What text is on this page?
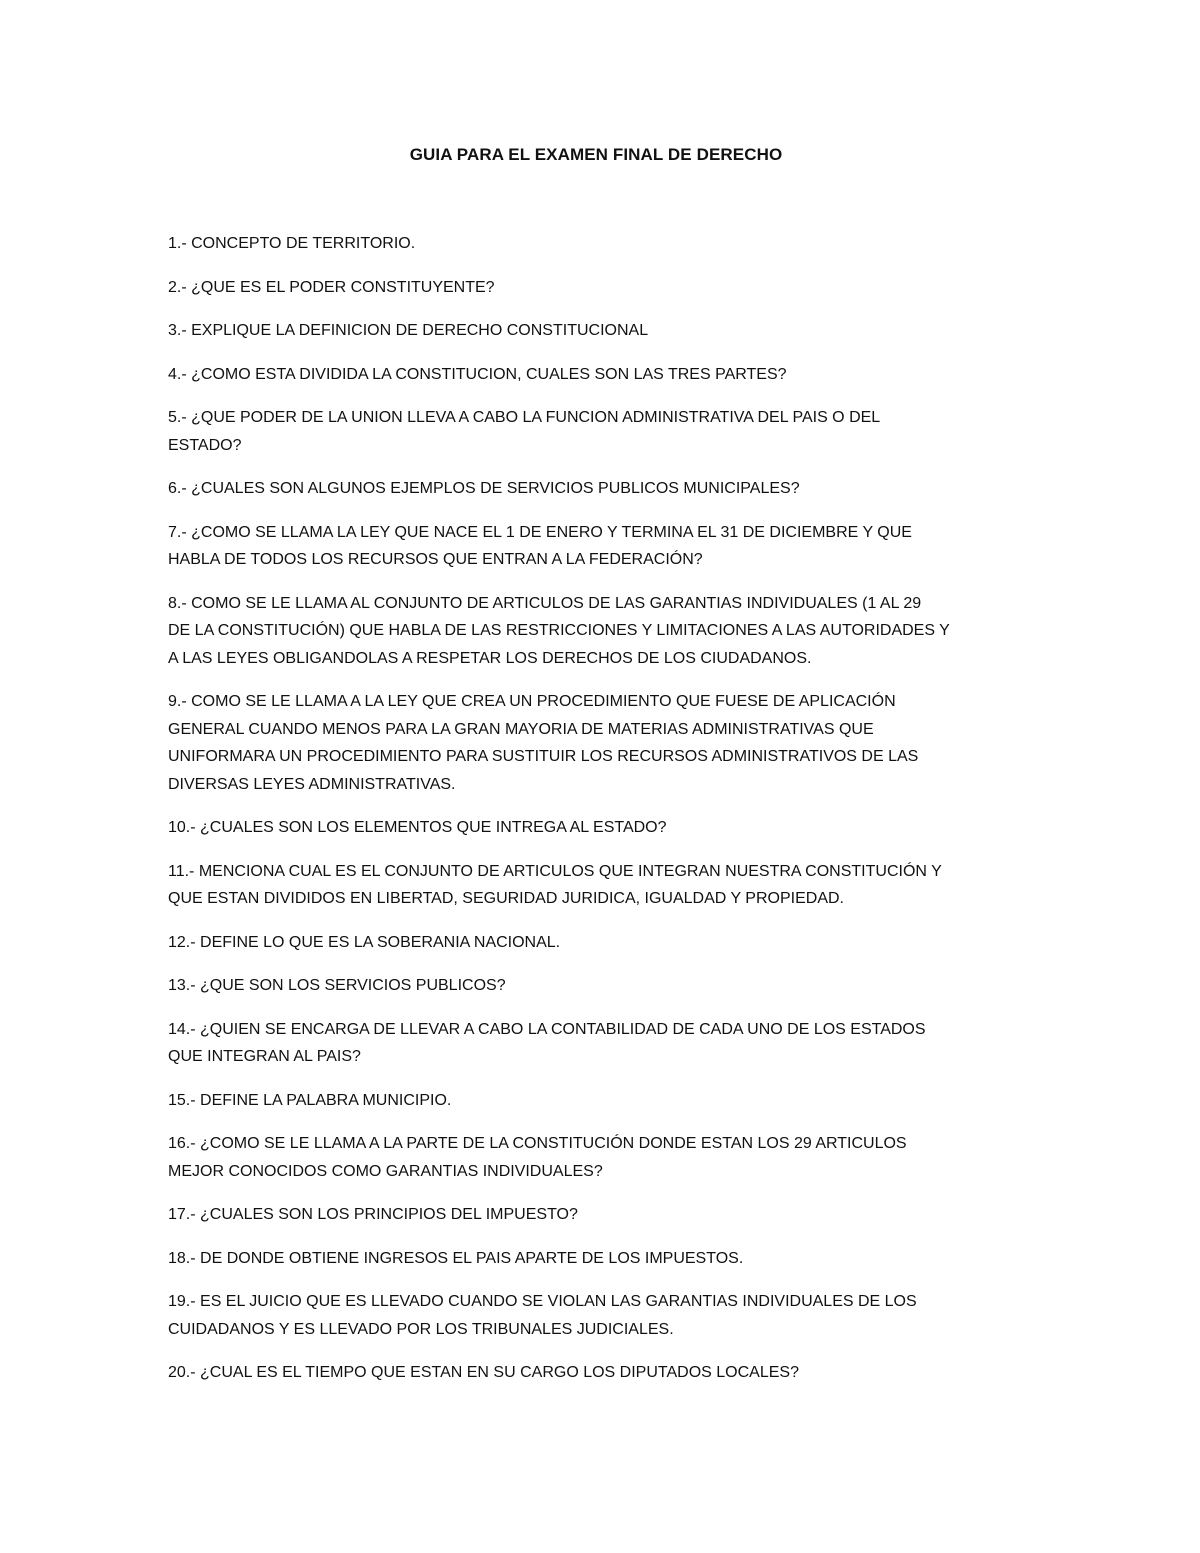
GUIA PARA EL EXAMEN FINAL DE DERECHO
1.- CONCEPTO DE TERRITORIO.
2.- ¿QUE ES EL PODER CONSTITUYENTE?
3.- EXPLIQUE LA DEFINICION DE DERECHO CONSTITUCIONAL
4.- ¿COMO ESTA DIVIDIDA LA CONSTITUCION, CUALES SON LAS TRES PARTES?
5.- ¿QUE PODER DE LA UNION LLEVA A CABO LA FUNCION ADMINISTRATIVA DEL PAIS O DEL
ESTADO?
6.- ¿CUALES SON ALGUNOS EJEMPLOS DE SERVICIOS PUBLICOS MUNICIPALES?
7.- ¿COMO SE LLAMA LA LEY QUE NACE EL 1 DE ENERO Y TERMINA EL 31 DE DICIEMBRE Y QUE
HABLA DE TODOS LOS RECURSOS QUE ENTRAN A LA FEDERACIÓN?
8.- COMO SE LE LLAMA AL CONJUNTO DE ARTICULOS DE LAS GARANTIAS INDIVIDUALES (1 AL 29
DE LA CONSTITUCIÓN) QUE HABLA DE LAS RESTRICCIONES Y LIMITACIONES A LAS AUTORIDADES Y
A LAS LEYES OBLIGANDOLAS A RESPETAR LOS DERECHOS DE LOS CIUDADANOS.
9.- COMO SE LE LLAMA A LA LEY QUE CREA UN PROCEDIMIENTO QUE FUESE DE APLICACIÓN
GENERAL CUANDO MENOS PARA LA GRAN MAYORIA DE MATERIAS ADMINISTRATIVAS QUE
UNIFORMARA UN PROCEDIMIENTO PARA SUSTITUIR LOS RECURSOS ADMINISTRATIVOS DE LAS
DIVERSAS LEYES ADMINISTRATIVAS.
10.- ¿CUALES SON LOS ELEMENTOS QUE INTREGA AL ESTADO?
11.- MENCIONA CUAL ES EL CONJUNTO DE ARTICULOS QUE INTEGRAN NUESTRA CONSTITUCIÓN Y
QUE ESTAN DIVIDIDOS EN LIBERTAD, SEGURIDAD JURIDICA, IGUALDAD Y PROPIEDAD.
12.- DEFINE LO QUE ES LA SOBERANIA NACIONAL.
13.- ¿QUE SON LOS SERVICIOS PUBLICOS?
14.- ¿QUIEN SE ENCARGA DE LLEVAR A CABO LA CONTABILIDAD DE CADA UNO DE LOS ESTADOS
QUE INTEGRAN AL PAIS?
15.- DEFINE LA PALABRA MUNICIPIO.
16.- ¿COMO SE LE LLAMA A LA PARTE DE LA CONSTITUCIÓN DONDE ESTAN LOS 29 ARTICULOS
MEJOR CONOCIDOS COMO GARANTIAS INDIVIDUALES?
17.- ¿CUALES SON LOS PRINCIPIOS DEL IMPUESTO?
18.- DE DONDE OBTIENE INGRESOS EL PAIS APARTE DE LOS IMPUESTOS.
19.- ES EL JUICIO QUE ES LLEVADO CUANDO SE VIOLAN LAS GARANTIAS INDIVIDUALES DE LOS
CUIDADANOS Y ES LLEVADO POR LOS TRIBUNALES JUDICIALES.
20.- ¿CUAL ES EL TIEMPO QUE ESTAN EN SU CARGO LOS DIPUTADOS LOCALES?
